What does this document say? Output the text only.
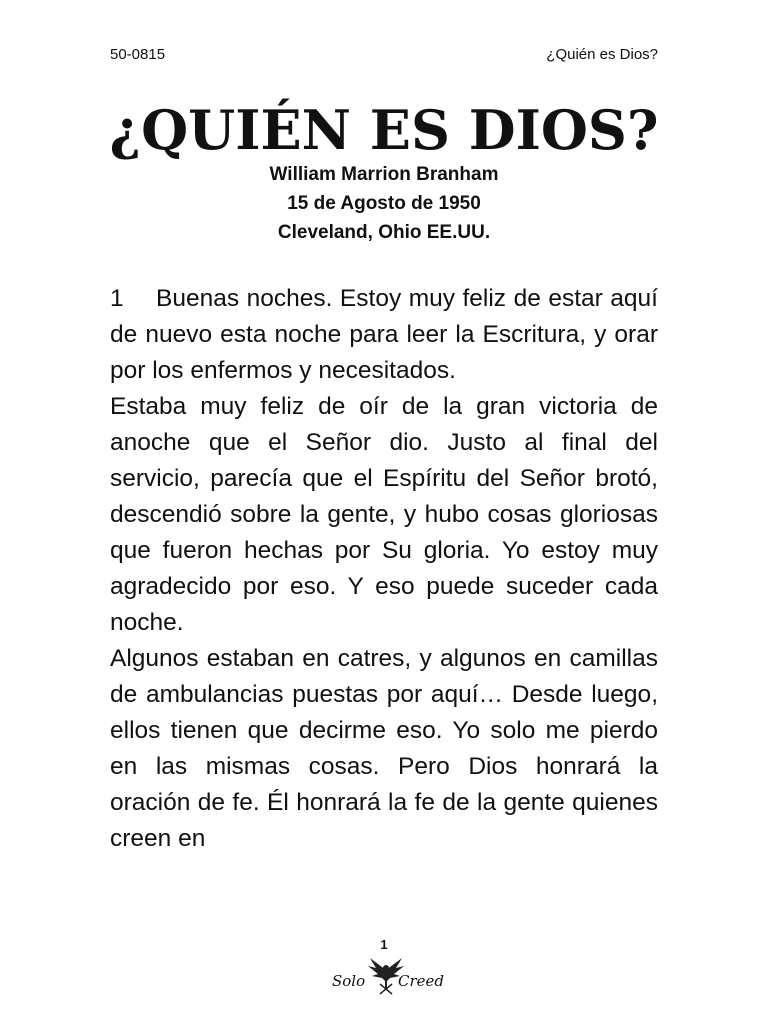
50-0815	¿Quién es Dios?
¿QUIÉN ES DIOS?
William Marrion Branham
15 de Agosto de 1950
Cleveland, Ohio EE.UU.

1 Buenas noches. Estoy muy feliz de estar aquí de nuevo esta noche para leer la Escritura, y orar por los enfermos y necesitados.

Estaba muy feliz de oír de la gran victoria de anoche que el Señor dio. Justo al final del servicio, parecía que el Espíritu del Señor brotó, descendió sobre la gente, y hubo cosas gloriosas que fueron hechas por Su gloria. Yo estoy muy agradecido por eso. Y eso puede suceder cada noche.

Algunos estaban en catres, y algunos en camillas de ambulancias puestas por aquí… Desde luego, ellos tienen que decirme eso. Yo solo me pierdo en las mismas cosas. Pero Dios honrará la oración de fe. Él honrará la fe de la gente quienes creen en

1
Solo Creed
